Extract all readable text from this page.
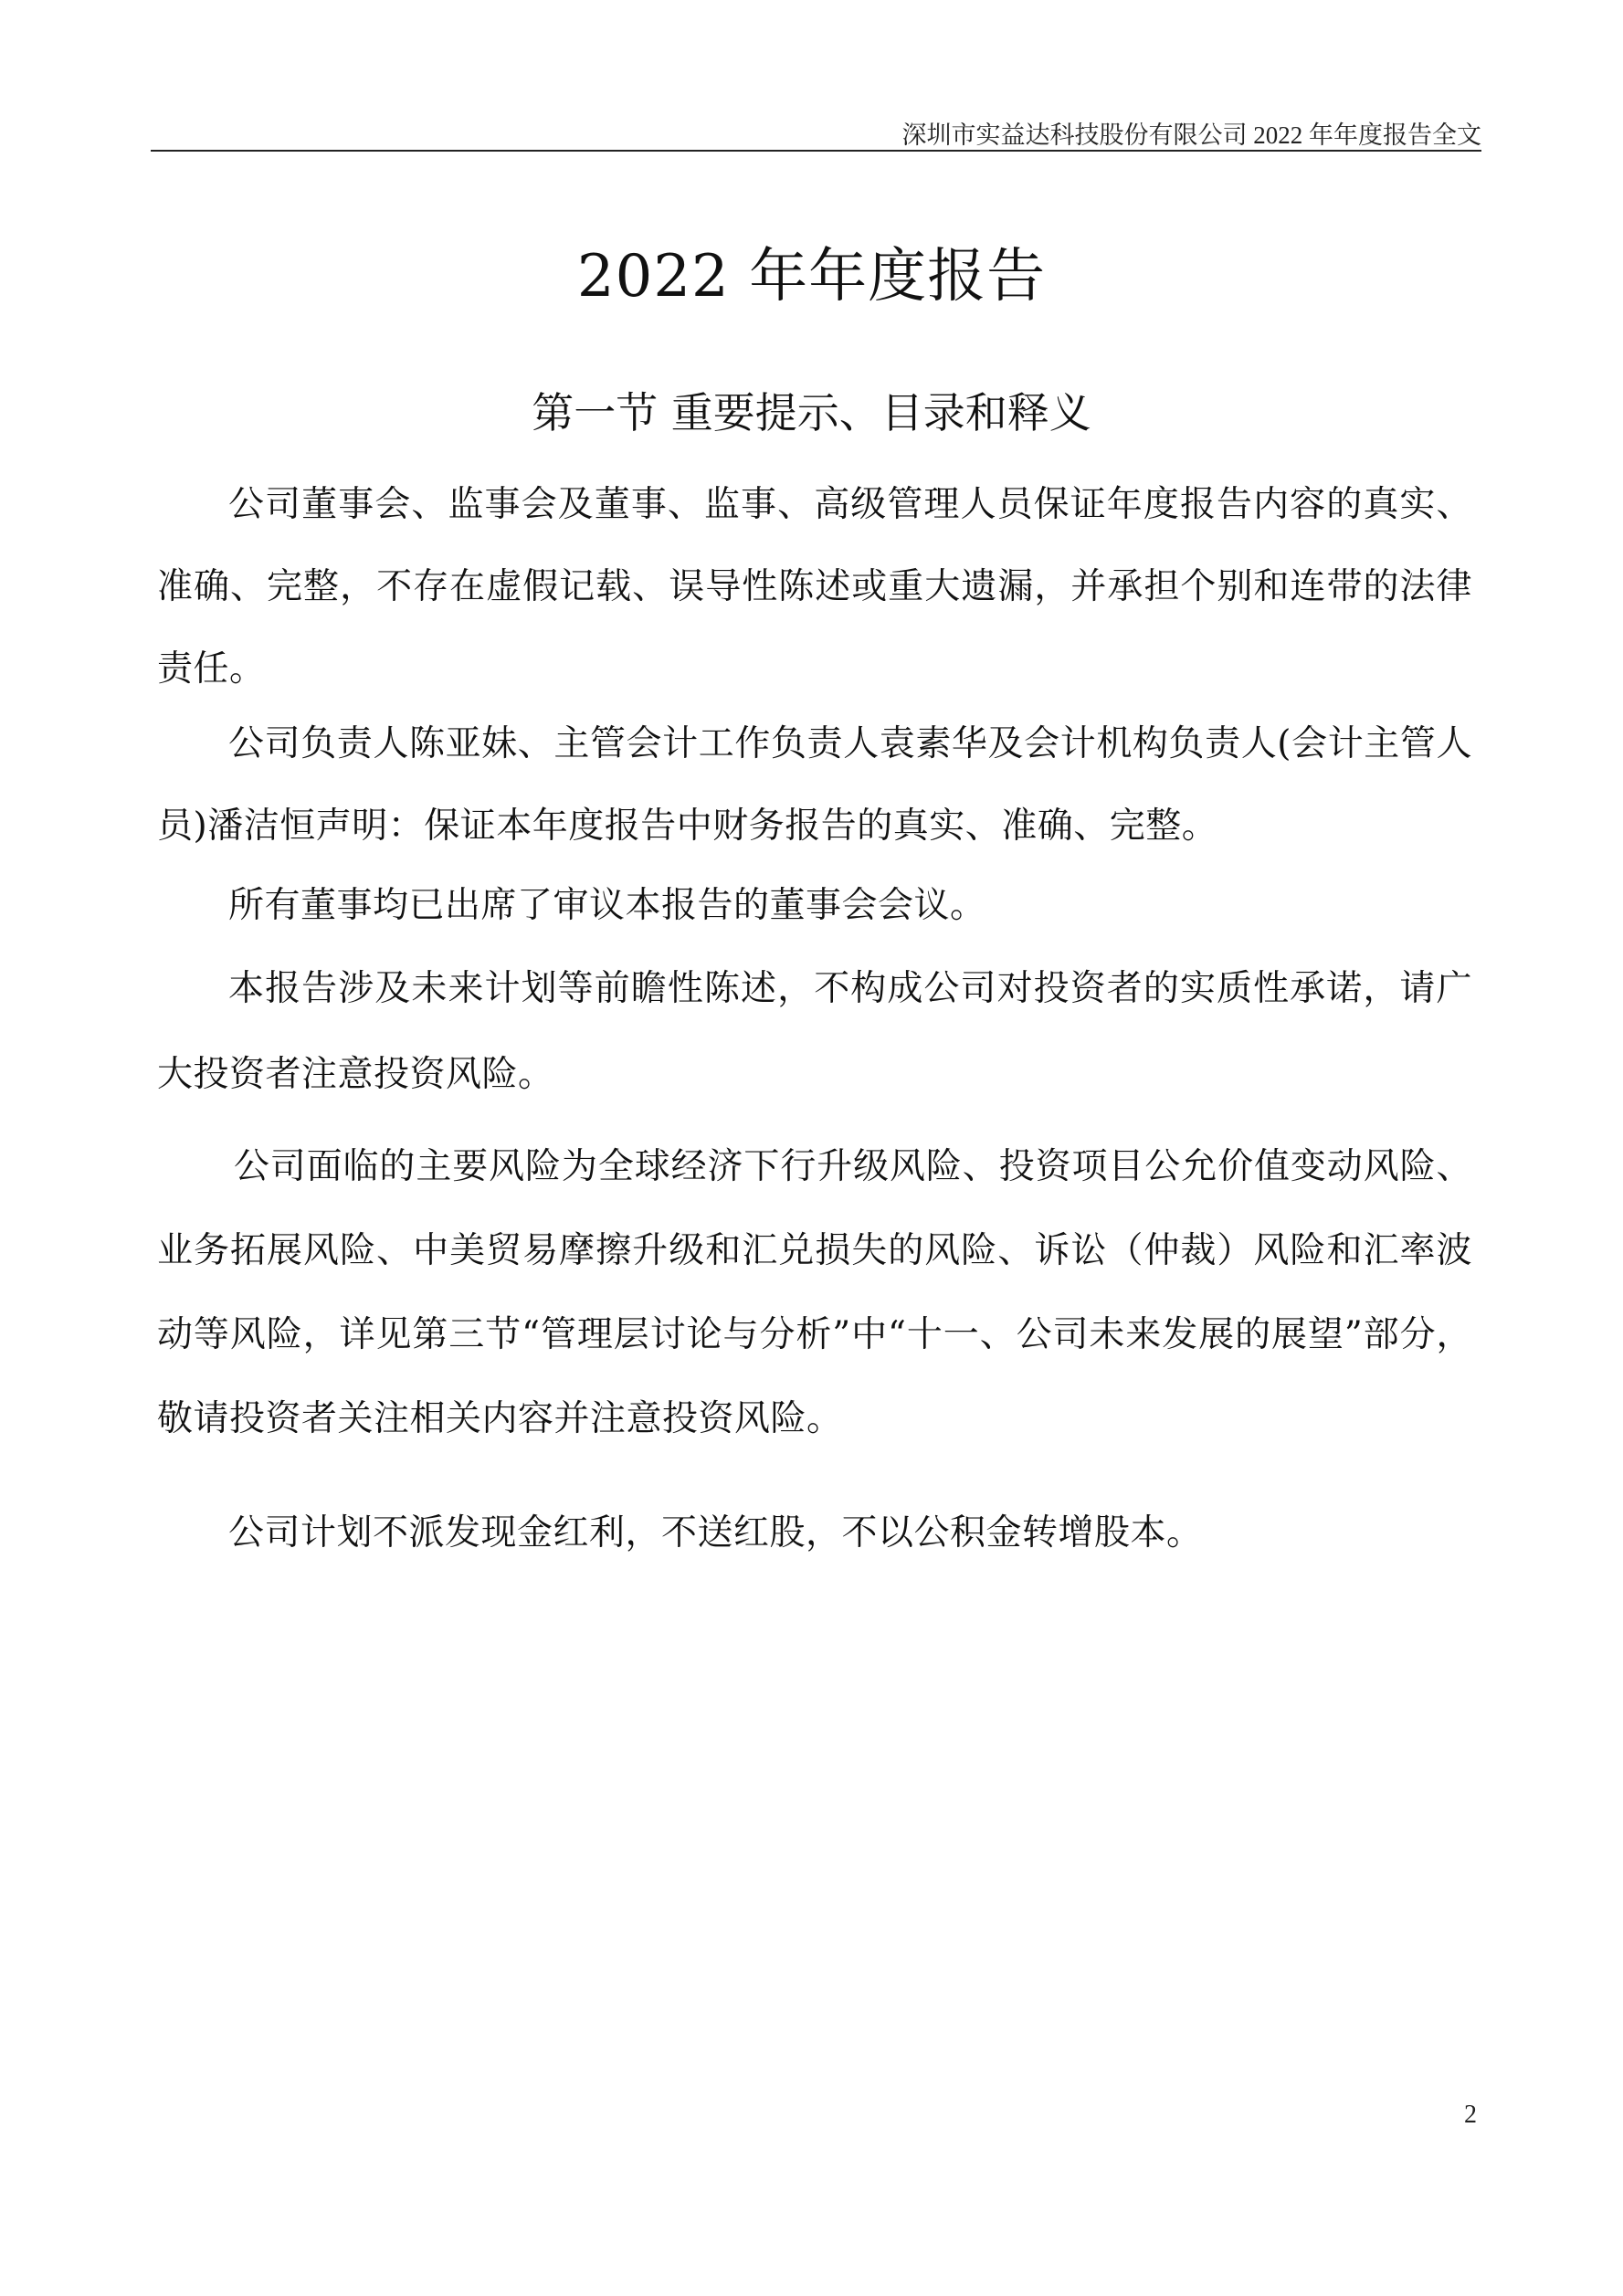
深圳市实益达科技股份有限公司 2022 年年度报告全文
2022 年年度报告
第一节 重要提示、目录和释义

公司董事会、监事会及董事、监事、高级管理人员保证年度报告内容的真实、准确、完整，不存在虚假记载、误导性陈述或重大遗漏，并承担个别和连带的法律责任。

公司负责人陈亚妹、主管会计工作负责人袁素华及会计机构负责人(会计主管人员)潘洁恒声明：保证本年度报告中财务报告的真实、准确、完整。

所有董事均已出席了审议本报告的董事会会议。

本报告涉及未来计划等前瞻性陈述，不构成公司对投资者的实质性承诺，请广大投资者注意投资风险。

公司面临的主要风险为全球经济下行升级风险、投资项目公允价值变动风险、业务拓展风险、中美贸易摩擦升级和汇兑损失的风险、诉讼（仲裁）风险和汇率波动等风险，详见第三节“管理层讨论与分析”中“十一、公司未来发展的展望”部分，敬请投资者关注相关内容并注意投资风险。

公司计划不派发现金红利，不送红股，不以公积金转增股本。

2
